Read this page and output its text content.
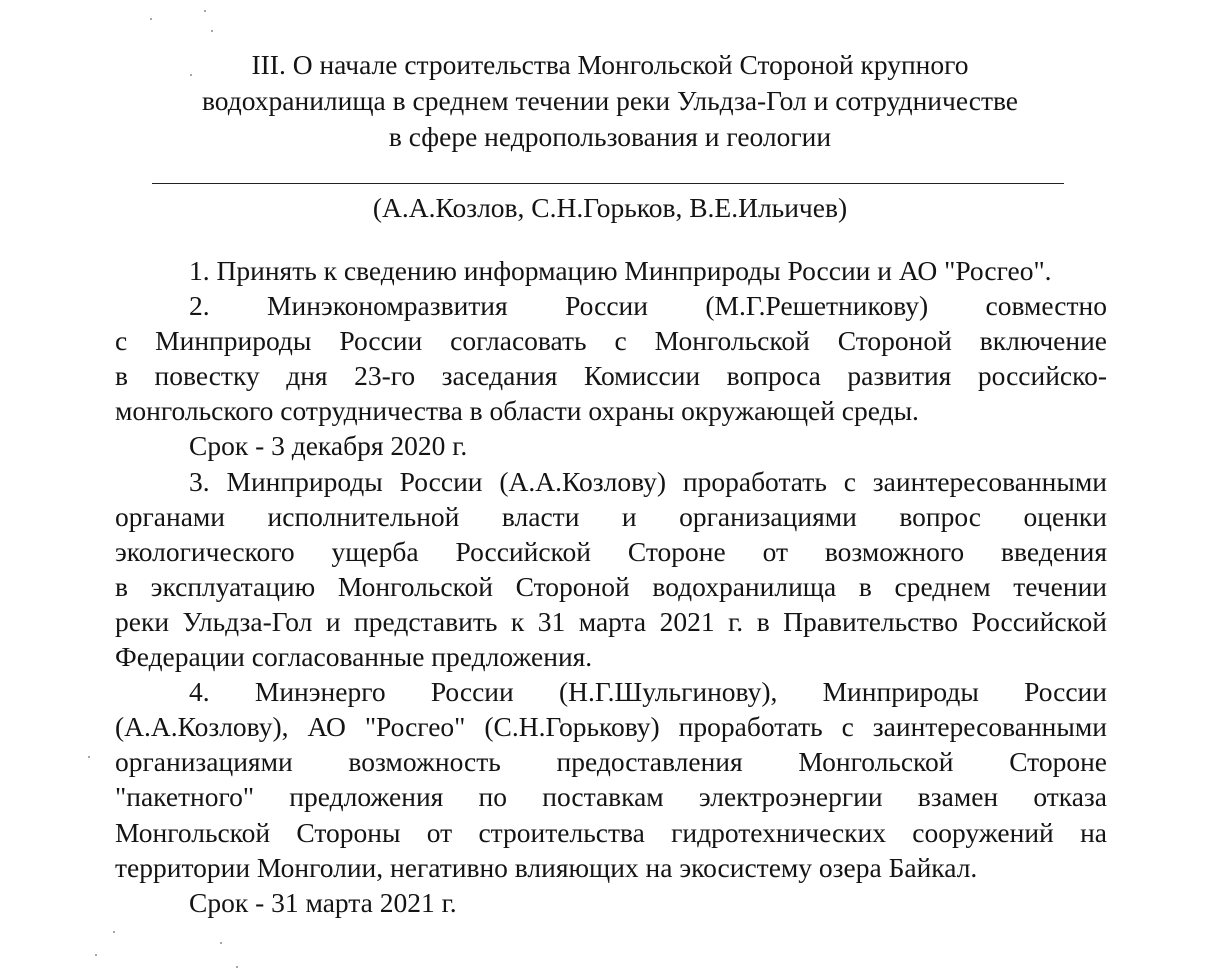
III. О начале строительства Монгольской Стороной крупного
водохранилища в среднем течении реки Ульдза-Гол и сотрудничестве
в сфере недропользования и геологии
(А.А.Козлов, С.Н.Горьков, В.Е.Ильичев)
1. Принять к сведению информацию Минприроды России и АО "Росгео".
2. Минэкономразвития России (М.Г.Решетникову) совместно
с Минприроды России согласовать с Монгольской Стороной включение
в повестку дня 23-го заседания Комиссии вопроса развития российско-
монгольского сотрудничества в области охраны окружающей среды.
Срок - 3 декабря 2020 г.
3. Минприроды России (А.А.Козлову) проработать с заинтересованными
органами исполнительной власти и организациями вопрос оценки
экологического ущерба Российской Стороне от возможного введения
в эксплуатацию Монгольской Стороной водохранилища в среднем течении
реки Ульдза-Гол и представить к 31 марта 2021 г. в Правительство Российской
Федерации согласованные предложения.
4. Минэнерго России (Н.Г.Шульгинову), Минприроды России
(А.А.Козлову), АО "Росгео" (С.Н.Горькову) проработать с заинтересованными
организациями возможность предоставления Монгольской Стороне
"пакетного" предложения по поставкам электроэнергии взамен отказа
Монгольской Стороны от строительства гидротехнических сооружений на
территории Монголии, негативно влияющих на экосистему озера Байкал.
Срок - 31 марта 2021 г.
